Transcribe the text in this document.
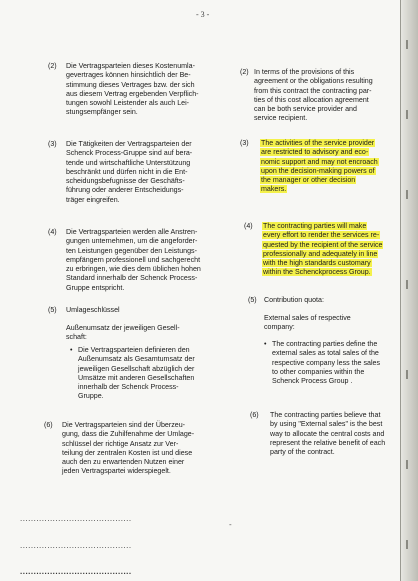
- 3 -
(2) Die Vertragsparteien dieses Kostenumla-
gevertrages können hinsichtlich der Be-
stimmung dieses Vertrages bzw. der sich
aus diesem Vertrag ergebenden Verpflich-
tungen sowohl Leistender als auch Lei-
stungsempfänger sein.
(3) Die Tätigkeiten der Vertragsparteien der
Schenck Process-Gruppe sind auf bera-
tende und wirtschaftliche Unterstützung
beschränkt und dürfen nicht in die Ent-
scheidungsbefugnisse der Geschäfts-
führung oder anderer Entscheidungs-
träger eingreifen.
(4) Die Vertragsparteien werden alle Anstren-
gungen unternehmen, um die angeforder-
ten Leistungen gegenüber den Leistungs-
empfängern professionell und sachgerecht
zu erbringen, wie dies dem üblichen hohen
Standard innerhalb der Schenck Process-
Gruppe entspricht.
(5) Umlageschlüssel
Außenumsatz der jeweiligen Gesell-
schaft:
• Die Vertragsparteien definieren den
Außenumsatz als Gesamtumsatz der
jeweiligen Gesellschaft abzüglich der
Umsätze mit anderen Gesellschaften
innerhalb der Schenck Process-
Gruppe.
(6) Die Vertragsparteien sind der Überzeu-
gung, dass die Zuhilfenahme der Umlage-
schlüssel der richtige Ansatz zur Ver-
teilung der zentralen Kosten ist und diese
auch den zu erwartenden Nutzen einer
jeden Vertragspartei widerspiegelt.
(2) In terms of the provisions of this
agreement or the obligations resulting
from this contract the contracting par-
ties of this cost allocation agreement
can be both service provider and
service recipient.
(3) The activities of the service provider
are restricted to advisory and eco-
nomic support and may not encroach
upon the decision-making powers of
the manager or other decision
makers.
(4) The contracting parties will make
every effort to render the services re-
quested by the recipient of the service
professionally and adequately in line
with the high standards customary
within the Schenckprocess Group.
(5) Contribution quota:
External sales of respective
company:
• The contracting parties define the
external sales as total sales of the
respective company less the sales
to other companies within the
Schenck Process Group .
(6) The contracting parties believe that
by using "External sales" is the best
way to allocate the central costs and
represent the relative benefit of each
party of the contract.
-
.........................................
.........................................
.........................................
